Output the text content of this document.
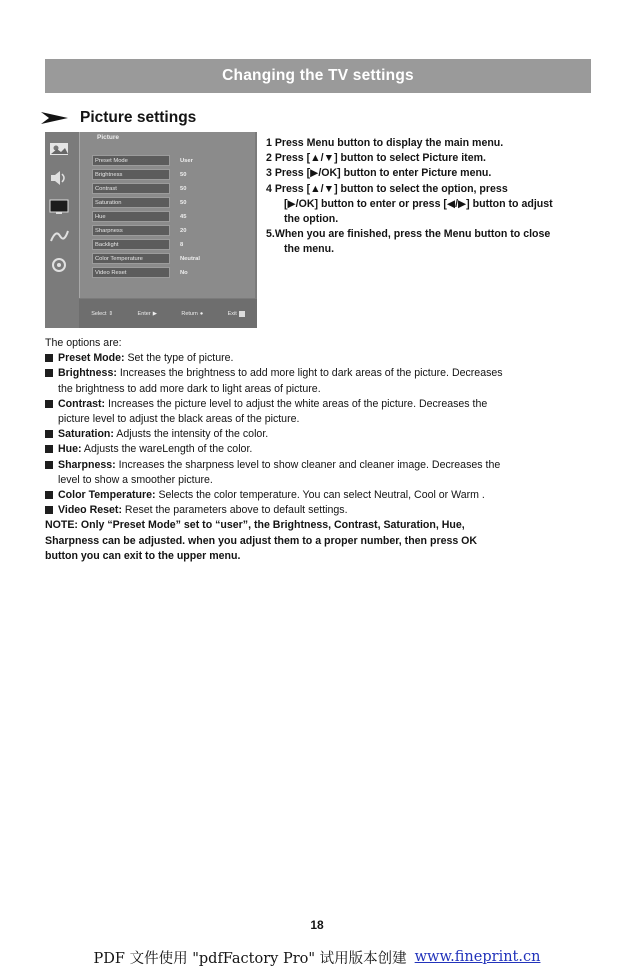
Changing the TV settings
Picture settings

Picture
Preset Mode	User
Brightness	50
Contrast	50
Saturation	50
Hue	45
Sharpness	20
Backlight	8
Color Temperature	Neutral
Video Reset	No
Select ⇕	Enter ▶	Return ●	Exit
1 Press Menu button to display the main menu.
2 Press [▲/▼] button to select Picture item.
3 Press [▶/OK] button to enter Picture menu.
4 Press [▲/▼] button to select the option, press
[▶/OK] button to enter or press [◀/▶] button to adjust
the option.
5.When you are finished, press the Menu button to close
the menu.

The options are:

Preset Mode: Set the type of picture.
Brightness: Increases the brightness to add more light to dark areas of the picture. Decreases
the brightness to add more dark to light areas of picture.
Contrast: Increases the picture level to adjust the white areas of the picture. Decreases the
picture level to adjust the black areas of the picture.
Saturation: Adjusts the intensity of the color.
Hue: Adjusts the wareLength of the color.
Sharpness: Increases the sharpness level to show cleaner and cleaner image. Decreases the
level to show a smoother picture.
Color Temperature: Selects the color temperature. You can select Neutral, Cool or Warm .
Video Reset: Reset the parameters above to default settings.

NOTE: Only “Preset Mode” set to “user”, the Brightness, Contrast, Saturation, Hue,

Sharpness can be adjusted. when you adjust them to a proper number, then press OK

button you can exit to the upper menu.

18
PDF 文件使用 "pdfFactory Pro" 试用版本创建 www.fineprint.cn
